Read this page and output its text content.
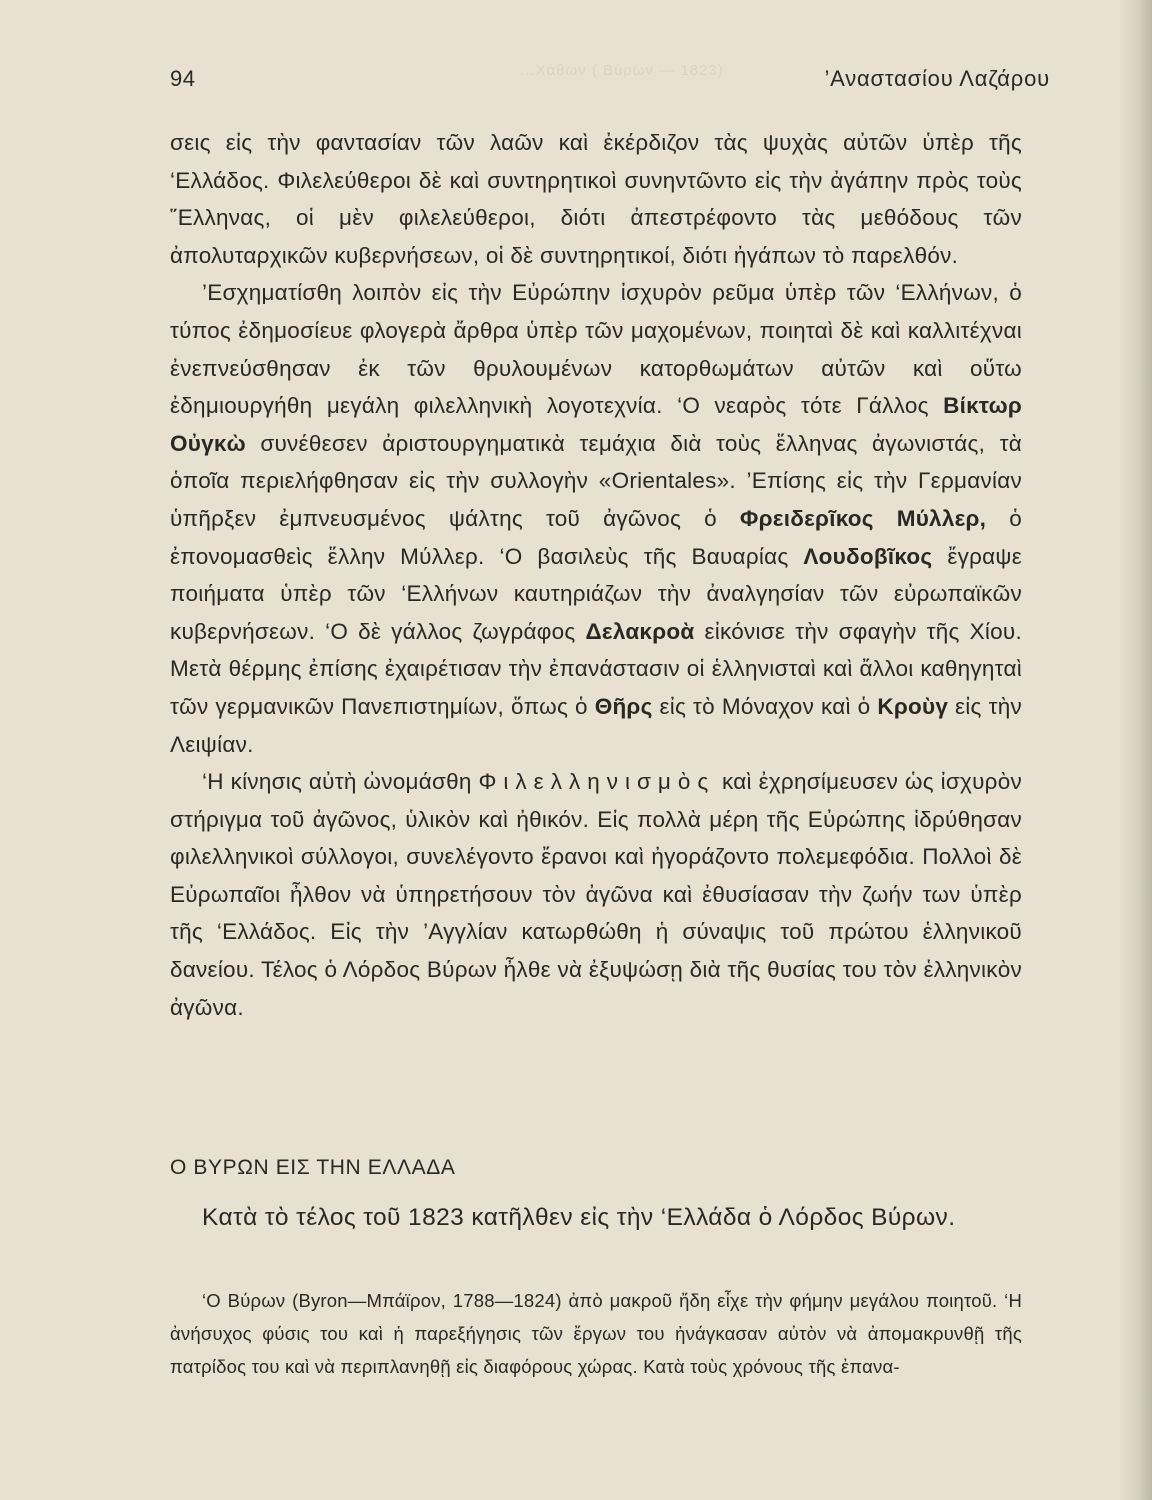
...Χάθων ( Βύρων — 1823)
94	’Αναστασίου Λαζάρου

σεις εἰς τὴν φαντασίαν τῶν λαῶν καὶ ἐκέρδιζον τὰς ψυχὰς αὐτῶν ὑπὲρ τῆς ‘Ελλάδος. Φιλελεύθεροι δὲ καὶ συντηρητικοὶ συνηντῶντο εἰς τὴν ἀγάπην πρὸς τοὺς ῞Ελληνας, οἱ μὲν φιλελεύθεροι, διότι ἀπεστρέφοντο τὰς μεθόδους τῶν ἀπολυταρχικῶν κυβερνήσεων, οἱ δὲ συντηρητικοί, διότι ἠγάπων τὸ παρελθόν.

’Εσχηματίσθη λοιπὸν εἰς τὴν Εὐρώπην ἰσχυρὸν ρεῦμα ὑπὲρ τῶν ‘Ελλήνων, ὁ τύπος ἐδημοσίευε φλογερὰ ἄρθρα ὑπὲρ τῶν μαχομένων, ποιηταὶ δὲ καὶ καλλιτέχναι ἐνεπνεύσθησαν ἐκ τῶν θρυλουμένων κατορθωμάτων αὐτῶν καὶ οὕτω ἐδημιουργήθη μεγάλη φιλελληνικὴ λογοτεχνία. ‘Ο νεαρὸς τότε Γάλλος Βίκτωρ Οὐγκὼ συνέθεσεν ἀριστουργηματικὰ τεμάχια διὰ τοὺς ἕλληνας ἀγωνιστάς, τὰ ὁποῖα περιελήφθησαν εἰς τὴν συλλογὴν «Orientales». ’Επίσης εἰς τὴν Γερμανίαν ὑπῆρξεν ἐμπνευσμένος ψάλτης τοῦ ἀγῶνος ὁ Φρειδερῖκος Μύλλερ, ὁ ἐπονομασθεὶς ἕλλην Μύλλερ. ‘Ο βασιλεὺς τῆς Βαυαρίας Λουδοβῖκος ἔγραψε ποιήματα ὑπὲρ τῶν ‘Ελλήνων καυτηριάζων τὴν ἀναλγησίαν τῶν εὐρωπαϊκῶν κυβερνήσεων. ‘Ο δὲ γάλλος ζωγράφος Δελακροὰ εἰκόνισε τὴν σφαγὴν τῆς Χίου. Μετὰ θέρμης ἐπίσης ἐχαιρέτισαν τὴν ἐπανάστασιν οἱ ἑλληνισταὶ καὶ ἄλλοι καθηγηταὶ τῶν γερμανικῶν Πανεπιστημίων, ὅπως ὁ Θῆρς εἰς τὸ Μόναχον καὶ ὁ Κροὺγ εἰς τὴν Λειψίαν.

‘Η κίνησις αὐτὴ ὠνομάσθη Φιλελληνισμὸς καὶ ἐχρησίμευσεν ὡς ἰσχυρὸν στήριγμα τοῦ ἀγῶνος, ὑλικὸν καὶ ἠθικόν. Εἰς πολλὰ μέρη τῆς Εὐρώπης ἱδρύθησαν φιλελληνικοὶ σύλλογοι, συνελέγοντο ἔρανοι καὶ ἠγοράζοντο πολεμεφόδια. Πολλοὶ δὲ Εὐρωπαῖοι ἦλθον νὰ ὑπηρετήσουν τὸν ἀγῶνα καὶ ἐθυσίασαν τὴν ζωήν των ὑπὲρ τῆς ‘Ελλάδος. Εἰς τὴν ’Αγγλίαν κατωρθώθη ἡ σύναψις τοῦ πρώτου ἑλληνικοῦ δανείου. Τέλος ὁ Λόρδος Βύρων ἦλθε νὰ ἐξυψώσῃ διὰ τῆς θυσίας του τὸν ἑλληνικὸν ἀγῶνα.

Ο ΒΥΡΩΝ ΕΙΣ ΤΗΝ ΕΛΛΑΔΑ

Κατὰ τὸ τέλος τοῦ 1823 κατῆλθεν εἰς τὴν ‘Ελλάδα ὁ Λόρδος Βύρων.

‘Ο Βύρων (Byron—Μπάϊρον, 1788—1824) ἀπὸ μακροῦ ἤδη εἶχε τὴν φήμην μεγάλου ποιητοῦ. ‘Η ἀνήσυχος φύσις του καὶ ἡ παρεξήγησις τῶν ἔργων του ἠνάγκασαν αὐτὸν νὰ ἀπομακρυνθῇ τῆς πατρίδος του καὶ νὰ περιπλανηθῇ εἰς διαφόρους χώρας. Κατὰ τοὺς χρόνους τῆς ἐπανα-
